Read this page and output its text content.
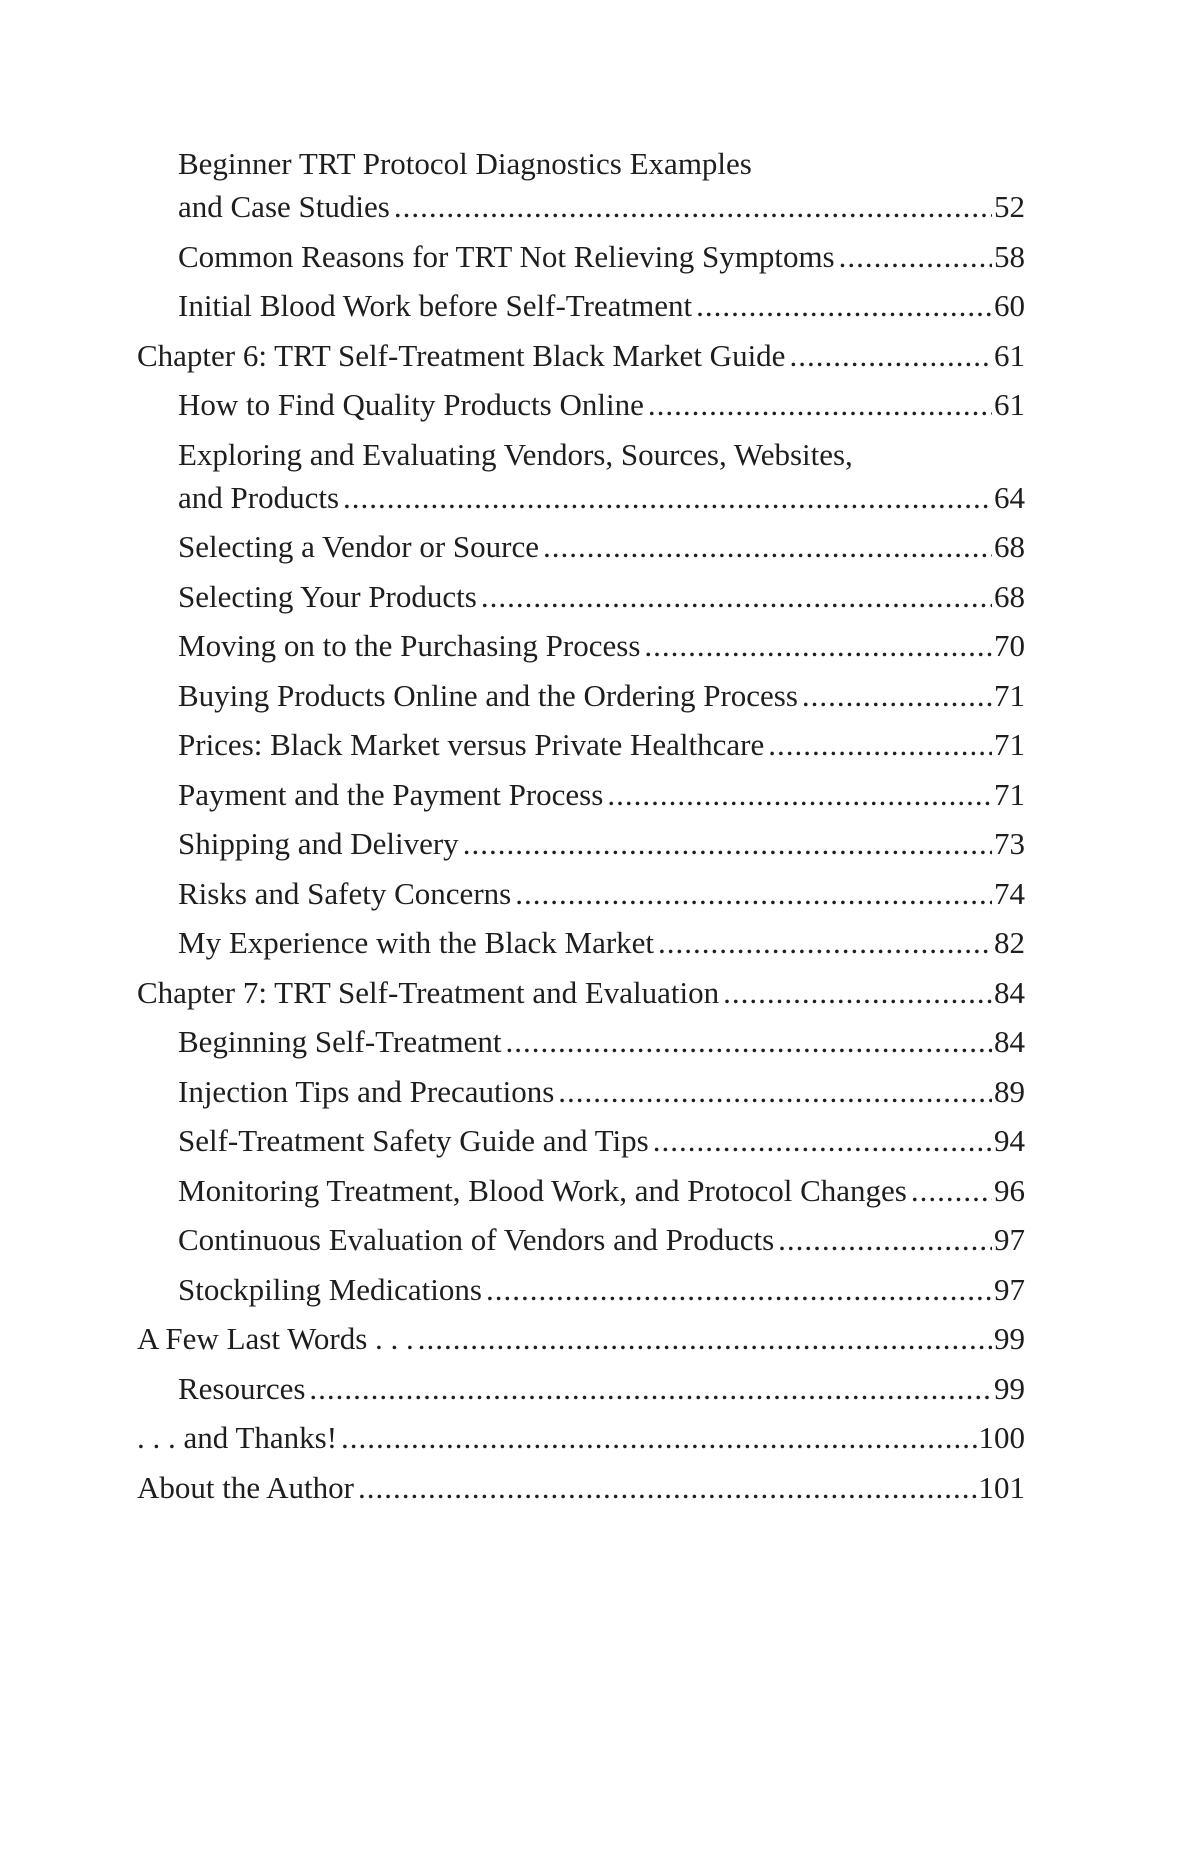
Beginner TRT Protocol Diagnostics Examples
and Case Studies .....	52
Common Reasons for TRT Not Relieving Symptoms .....	58
Initial Blood Work before Self-Treatment .....	60
Chapter 6: TRT Self-Treatment Black Market Guide .....	61
How to Find Quality Products Online .....	61
Exploring and Evaluating Vendors, Sources, Websites,
and Products .....	64
Selecting a Vendor or Source .....	68
Selecting Your Products .....	68
Moving on to the Purchasing Process .....	70
Buying Products Online and the Ordering Process .....	71
Prices: Black Market versus Private Healthcare .....	71
Payment and the Payment Process .....	71
Shipping and Delivery .....	73
Risks and Safety Concerns .....	74
My Experience with the Black Market .....	82
Chapter 7: TRT Self-Treatment and Evaluation .....	84
Beginning Self-Treatment .....	84
Injection Tips and Precautions .....	89
Self-Treatment Safety Guide and Tips .....	94
Monitoring Treatment, Blood Work, and Protocol Changes .....	96
Continuous Evaluation of Vendors and Products .....	97
Stockpiling Medications .....	97
A Few Last Words . . . .....	99
Resources .....	99
. . . and Thanks! .....	100
About the Author .....	101
